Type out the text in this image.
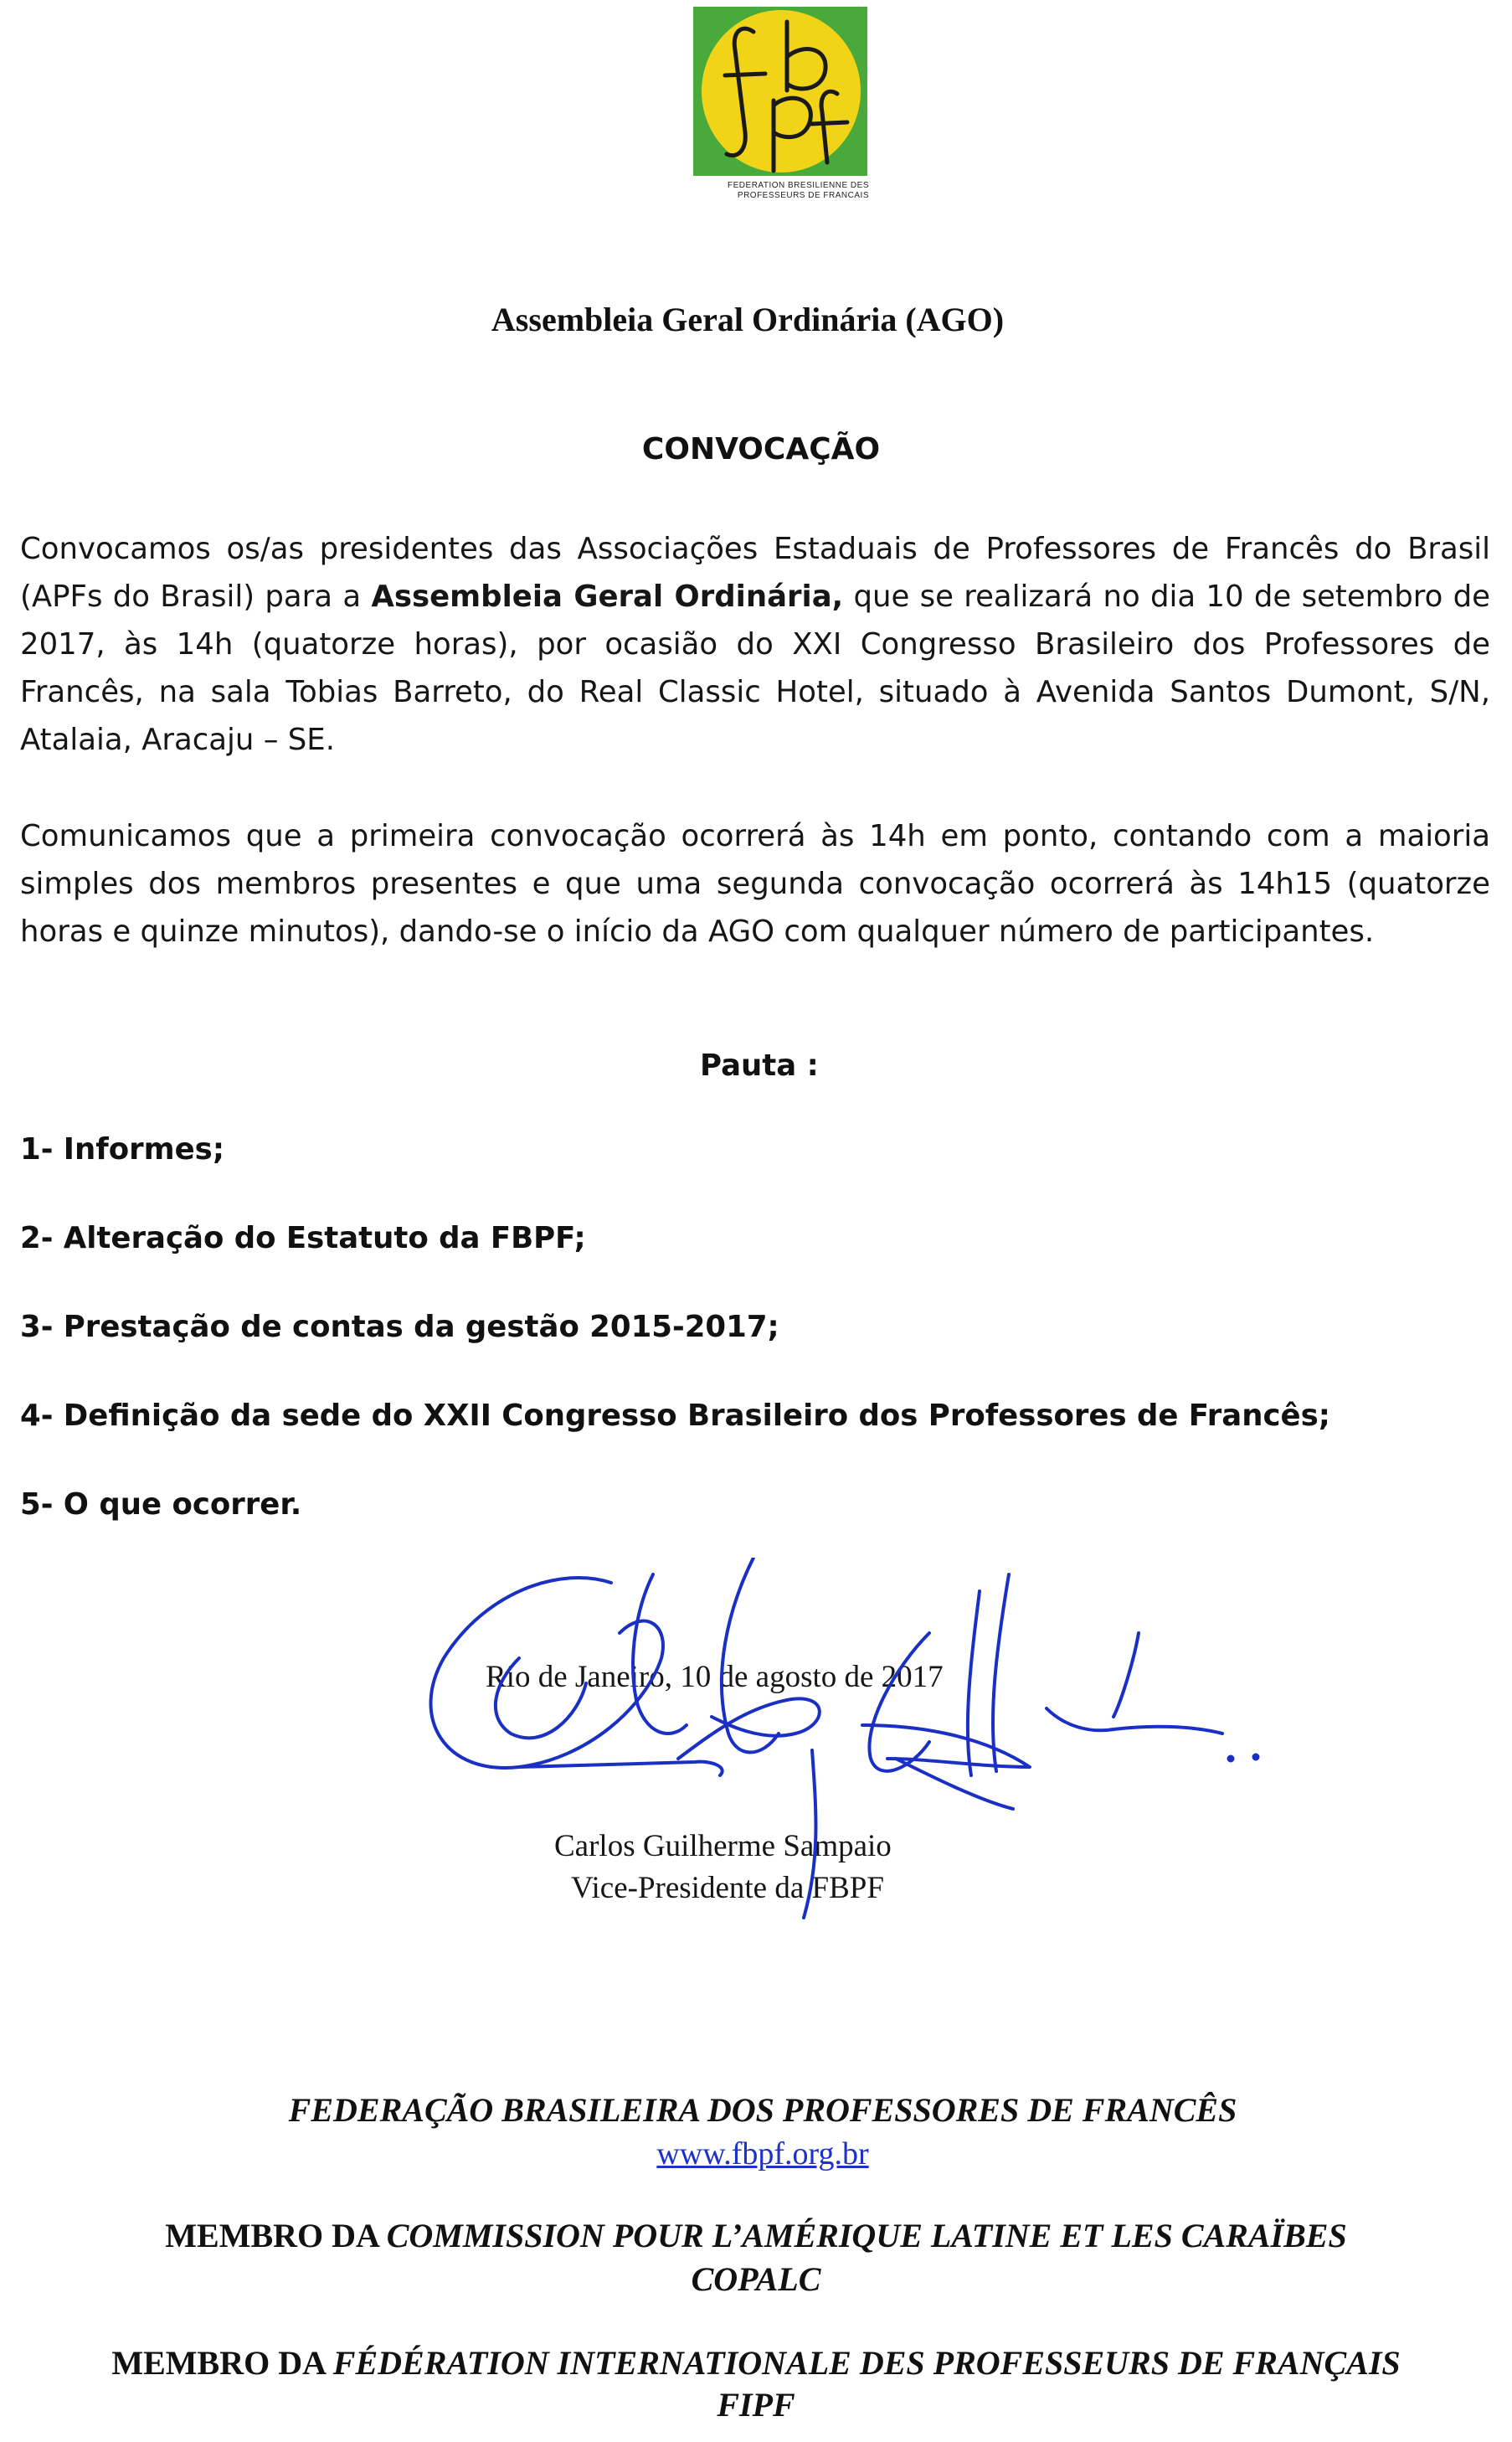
FEDERATION BRESILIENNE DES
PROFESSEURS DE FRANCAIS
Assembleia Geral Ordinária (AGO)
CONVOCAÇÃO
Convocamos os/as presidentes das Associações Estaduais de Professores de Francês do Brasil
(APFs do Brasil) para a Assembleia Geral Ordinária, que se realizará no dia 10 de setembro de
2017, às 14h (quatorze horas), por ocasião do XXI Congresso Brasileiro dos Professores de
Francês, na sala Tobias Barreto, do Real Classic Hotel, situado à Avenida Santos Dumont, S/N,
Atalaia, Aracaju – SE.
Comunicamos que a primeira convocação ocorrerá às 14h em ponto, contando com a maioria
simples dos membros presentes e que uma segunda convocação ocorrerá às 14h15 (quatorze
horas e quinze minutos), dando-se o início da AGO com qualquer número de participantes.
Pauta :
1- Informes;
2- Alteração do Estatuto da FBPF;
3- Prestação de contas da gestão 2015-2017;
4- Definição da sede do XXII Congresso Brasileiro dos Professores de Francês;
5- O que ocorrer.
Rio de Janeiro, 10 de agosto de 2017
Carlos Guilherme Sampaio
Vice-Presidente da FBPF
FEDERAÇÃO BRASILEIRA DOS PROFESSORES DE FRANCÊS
www.fbpf.org.br
MEMBRO DA COMMISSION POUR L’AMÉRIQUE LATINE ET LES CARAÏBES
COPALC
MEMBRO DA FÉDÉRATION INTERNATIONALE DES PROFESSEURS DE FRANÇAIS
FIPF
